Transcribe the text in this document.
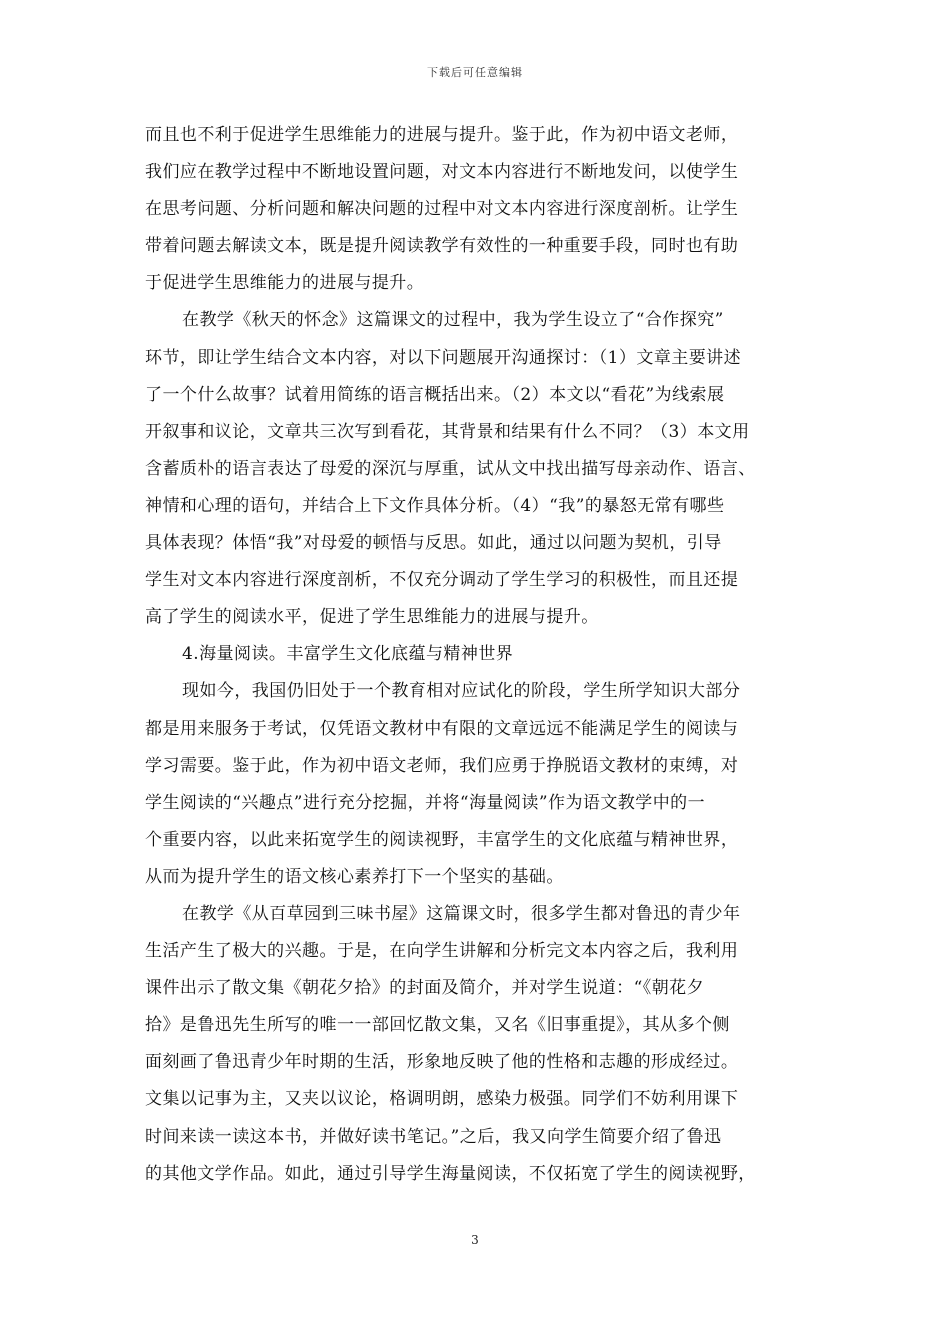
下载后可任意编辑
而且也不利于促进学生思维能力的进展与提升。鉴于此，作为初中语文老师，
我们应在教学过程中不断地设置问题，对文本内容进行不断地发问，以使学生
在思考问题、分析问题和解决问题的过程中对文本内容进行深度剖析。让学生
带着问题去解读文本，既是提升阅读教学有效性的一种重要手段，同时也有助
于促进学生思维能力的进展与提升。
在教学《秋天的怀念》这篇课文的过程中，我为学生设立了“合作探究”
环节，即让学生结合文本内容，对以下问题展开沟通探讨：（1）文章主要讲述
了一个什么故事？试着用简练的语言概括出来。（2）本文以“看花”为线索展
开叙事和议论，文章共三次写到看花，其背景和结果有什么不同？（3）本文用
含蓄质朴的语言表达了母爱的深沉与厚重，试从文中找出描写母亲动作、语言、
神情和心理的语句，并结合上下文作具体分析。（4）“我”的暴怒无常有哪些
具体表现？体悟“我”对母爱的顿悟与反思。如此，通过以问题为契机，引导
学生对文本内容进行深度剖析，不仅充分调动了学生学习的积极性，而且还提
高了学生的阅读水平，促进了学生思维能力的进展与提升。
4.海量阅读。丰富学生文化底蕴与精神世界
现如今，我国仍旧处于一个教育相对应试化的阶段，学生所学知识大部分
都是用来服务于考试，仅凭语文教材中有限的文章远远不能满足学生的阅读与
学习需要。鉴于此，作为初中语文老师，我们应勇于挣脱语文教材的束缚，对
学生阅读的“兴趣点”进行充分挖掘，并将“海量阅读”作为语文教学中的一
个重要内容，以此来拓宽学生的阅读视野，丰富学生的文化底蕴与精神世界，
从而为提升学生的语文核心素养打下一个坚实的基础。
在教学《从百草园到三味书屋》这篇课文时，很多学生都对鲁迅的青少年
生活产生了极大的兴趣。于是，在向学生讲解和分析完文本内容之后，我利用
课件出示了散文集《朝花夕拾》的封面及简介，并对学生说道：“《朝花夕
拾》是鲁迅先生所写的唯一一部回忆散文集，又名《旧事重提》，其从多个侧
面刻画了鲁迅青少年时期的生活，形象地反映了他的性格和志趣的形成经过。
文集以记事为主，又夹以议论，格调明朗，感染力极强。同学们不妨利用课下
时间来读一读这本书，并做好读书笔记。”之后，我又向学生简要介绍了鲁迅
的其他文学作品。如此，通过引导学生海量阅读，不仅拓宽了学生的阅读视野，
3
